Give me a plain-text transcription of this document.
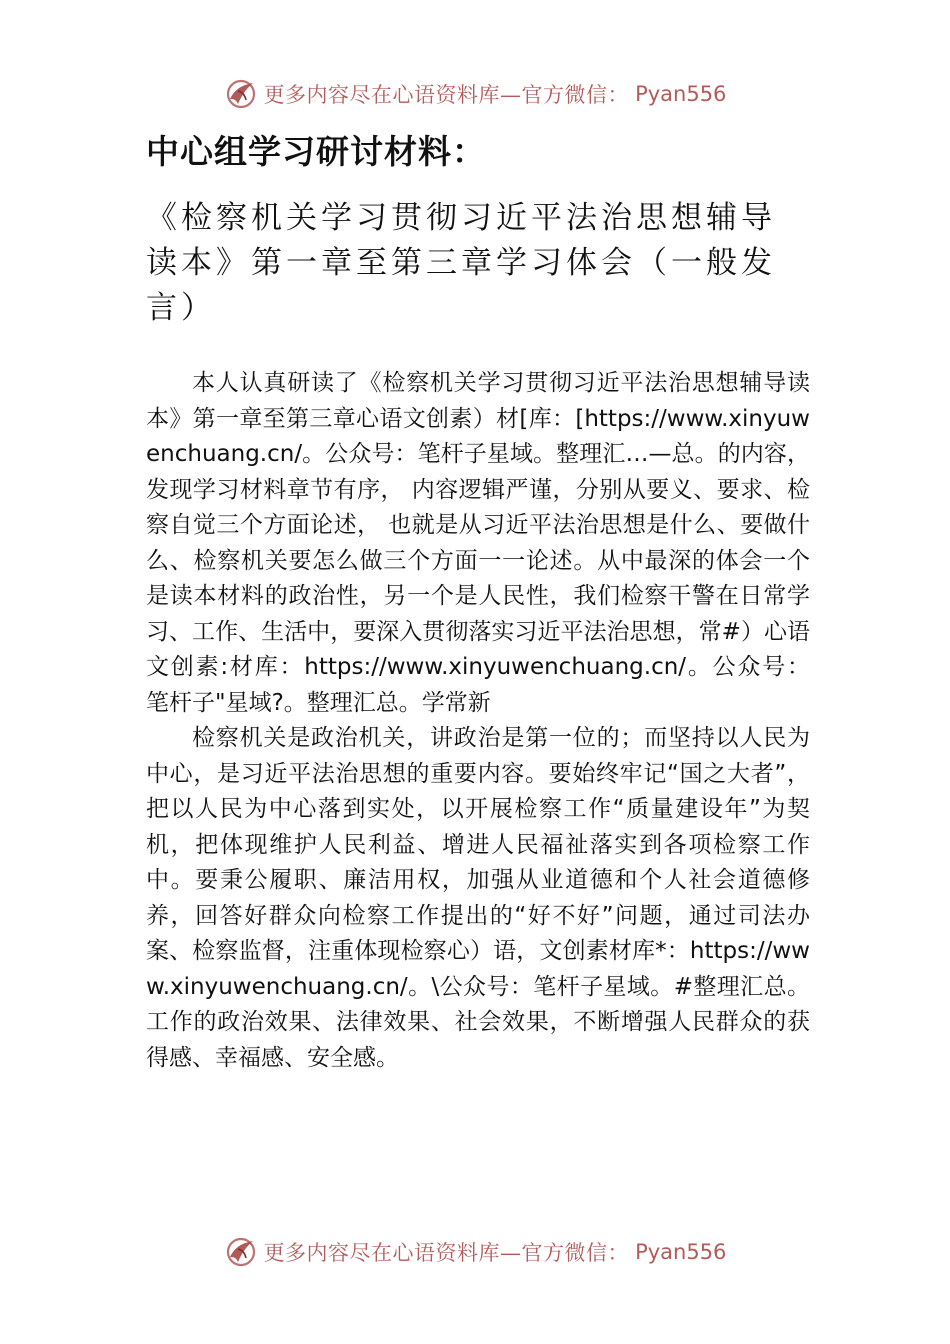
更多内容尽在心语资料库—官方微信： Pyan556
中心组学习研讨材料：
《检察机关学习贯彻习近平法治思想辅导读本》第一章至第三章学习体会（一般发言）

本人认真研读了《检察机关学习贯彻习近平法治思想辅导读本》第一章至第三章心语文创素）材[库：[https://www.xinyuwenchuang.cn/。公众号：笔杆子星域。整理汇…—总。的内容，发现学习材料章节有序， 内容逻辑严谨，分别从要义、要求、检察自觉三个方面论述， 也就是从习近平法治思想是什么、要做什么、检察机关要怎么做三个方面一一论述。从中最深的体会一个是读本材料的政治性，另一个是人民性，我们检察干警在日常学习、工作、生活中，要深入贯彻落实习近平法治思想，常#）心语文创素:材库：https://www.xinyuwenchuang.cn/。公众号：笔杆子"星域?。整理汇总。学常新

检察机关是政治机关，讲政治是第一位的；而坚持以人民为中心，是习近平法治思想的重要内容。要始终牢记“国之大者”，把以人民为中心落到实处，以开展检察工作“质量建设年”为契机，把体现维护人民利益、增进人民福祉落实到各项检察工作中。要秉公履职、廉洁用权，加强从业道德和个人社会道德修养，回答好群众向检察工作提出的“好不好”问题，通过司法办案、检察监督，注重体现检察心）语，文创素材库*：https://www.xinyuwenchuang.cn/。\公众号：笔杆子星域。#整理汇总。工作的政治效果、法律效果、社会效果，不断增强人民群众的获得感、幸福感、安全感。

更多内容尽在心语资料库—官方微信： Pyan556
